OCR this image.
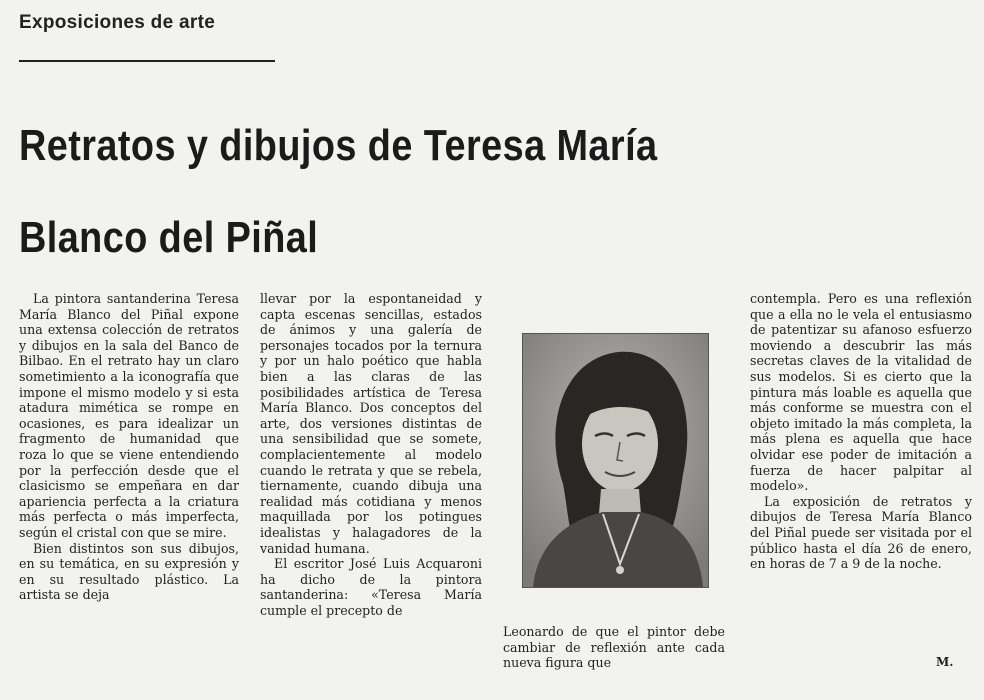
Exposiciones de arte
Retratos y dibujos de Teresa María
Blanco del Piñal

La pintora santanderina Teresa María Blanco del Piñal expone una extensa colección de retratos y dibujos en la sala del Banco de Bilbao. En el retrato hay un claro sometimiento a la iconografía que impone el mismo modelo y si esta atadura mimética se rompe en ocasiones, es para idealizar un fragmento de humanidad que roza lo que se viene entendiendo por la perfección desde que el clasicismo se empeñara en dar apariencia perfecta a la criatura más perfecta o más imperfecta, según el cristal con que se mire.

Bien distintos son sus dibujos, en su temática, en su expresión y en su resultado plástico. La artista se deja

llevar por la espontaneidad y capta escenas sencillas, estados de ánimos y una galería de personajes tocados por la ternura y por un halo poético que habla bien a las claras de las posibilidades artística de Teresa María Blanco. Dos conceptos del arte, dos versiones distintas de una sensibilidad que se somete, complacientemente al modelo cuando le retrata y que se rebela, tiernamente, cuando dibuja una realidad más cotidiana y menos maquillada por los potingues idealistas y halagadores de la vanidad humana.

El escritor José Luis Acquaroni ha dicho de la pintora santanderina: «Teresa María cumple el precepto de

Leonardo de que el pintor debe cambiar de reflexión ante cada nueva figura que

contempla. Pero es una reflexión que a ella no le vela el entusiasmo de patentizar su afanoso esfuerzo moviendo a descubrir las más secretas claves de la vitalidad de sus modelos. Si es cierto que la pintura más loable es aquella que más conforme se muestra con el objeto imitado la más completa, la más plena es aquella que hace olvidar ese poder de imitación a fuerza de hacer palpitar al modelo».

La exposición de retratos y dibujos de Teresa María Blanco del Piñal puede ser visitada por el público hasta el día 26 de enero, en horas de 7 a 9 de la noche.

M.
